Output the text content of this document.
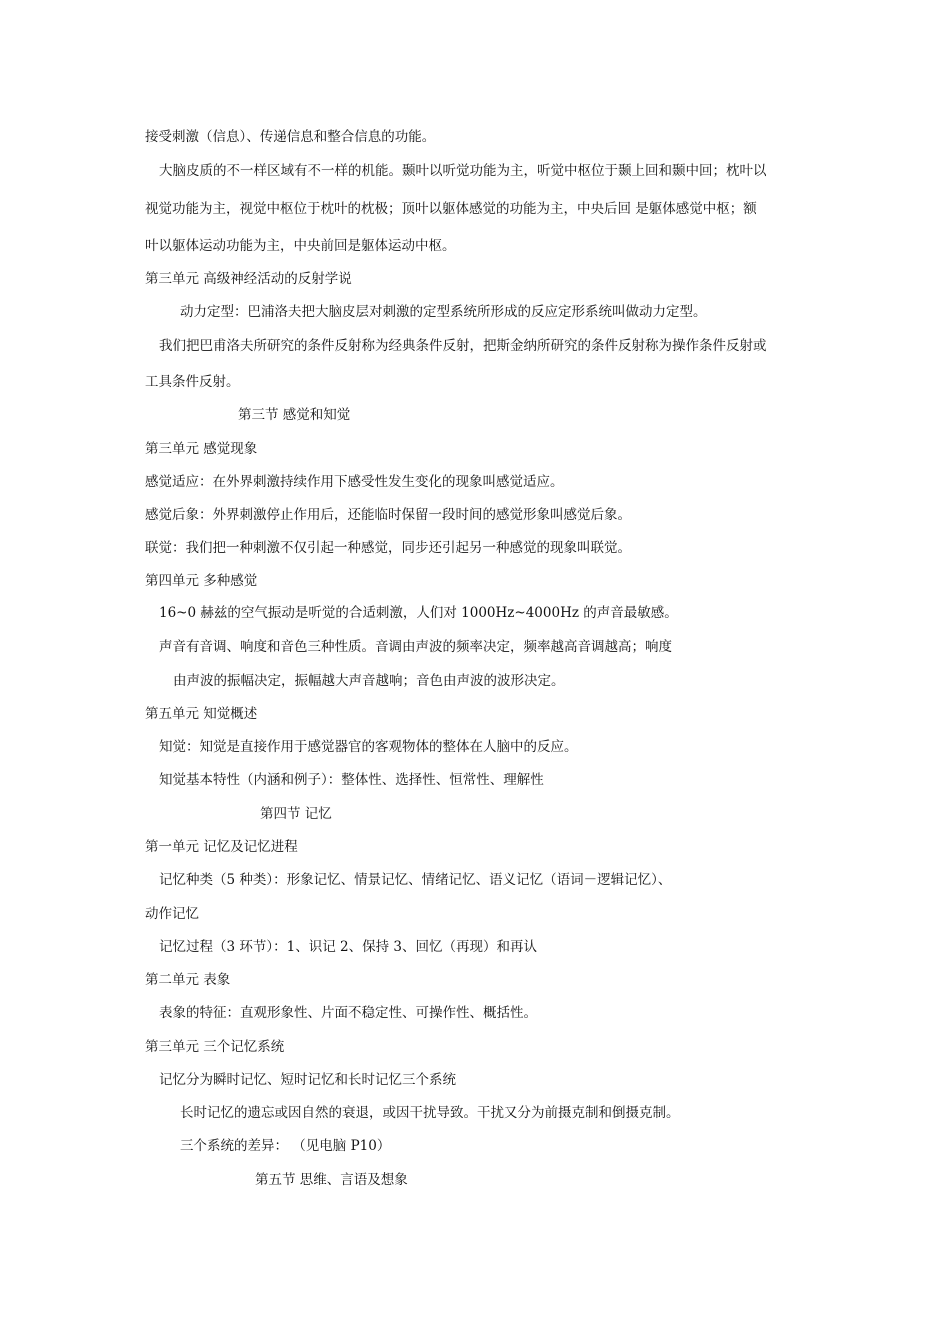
接受刺激（信息）、传递信息和整合信息的功能。
大脑皮质的不一样区域有不一样的机能。颞叶以听觉功能为主，听觉中枢位于颞上回和颞中回；枕叶以
视觉功能为主，视觉中枢位于枕叶的枕极；顶叶以躯体感觉的功能为主，中央后回 是躯体感觉中枢；额
叶以躯体运动功能为主，中央前回是躯体运动中枢。
第三单元 高级神经活动的反射学说
动力定型：巴浦洛夫把大脑皮层对刺激的定型系统所形成的反应定形系统叫做动力定型。
我们把巴甫洛夫所研究的条件反射称为经典条件反射，把斯金纳所研究的条件反射称为操作条件反射或
工具条件反射。
第三节 感觉和知觉
第三单元 感觉现象
感觉适应：在外界刺激持续作用下感受性发生变化的现象叫感觉适应。
感觉后象：外界刺激停止作用后，还能临时保留一段时间的感觉形象叫感觉后象。
联觉：我们把一种刺激不仅引起一种感觉，同步还引起另一种感觉的现象叫联觉。
第四单元 多种感觉
16~0 赫兹的空气振动是听觉的合适刺激，人们对 1000Hz~4000Hz 的声音最敏感。
声音有音调、响度和音色三种性质。音调由声波的频率决定，频率越高音调越高；响度
由声波的振幅决定，振幅越大声音越响；音色由声波的波形决定。
第五单元 知觉概述
知觉：知觉是直接作用于感觉器官的客观物体的整体在人脑中的反应。
知觉基本特性（内涵和例子）：整体性、选择性、恒常性、理解性
第四节 记忆
第一单元 记忆及记忆进程
记忆种类（5 种类）：形象记忆、情景记忆、情绪记忆、语义记忆（语词－逻辑记忆）、
动作记忆
记忆过程（3 环节）：1、识记 2、保持 3、回忆（再现）和再认
第二单元 表象
表象的特征：直观形象性、片面不稳定性、可操作性、概括性。
第三单元 三个记忆系统
记忆分为瞬时记忆、短时记忆和长时记忆三个系统
长时记忆的遗忘或因自然的衰退，或因干扰导致。干扰又分为前摄克制和倒摄克制。
三个系统的差异： （见电脑 P10）
第五节 思维、言语及想象
